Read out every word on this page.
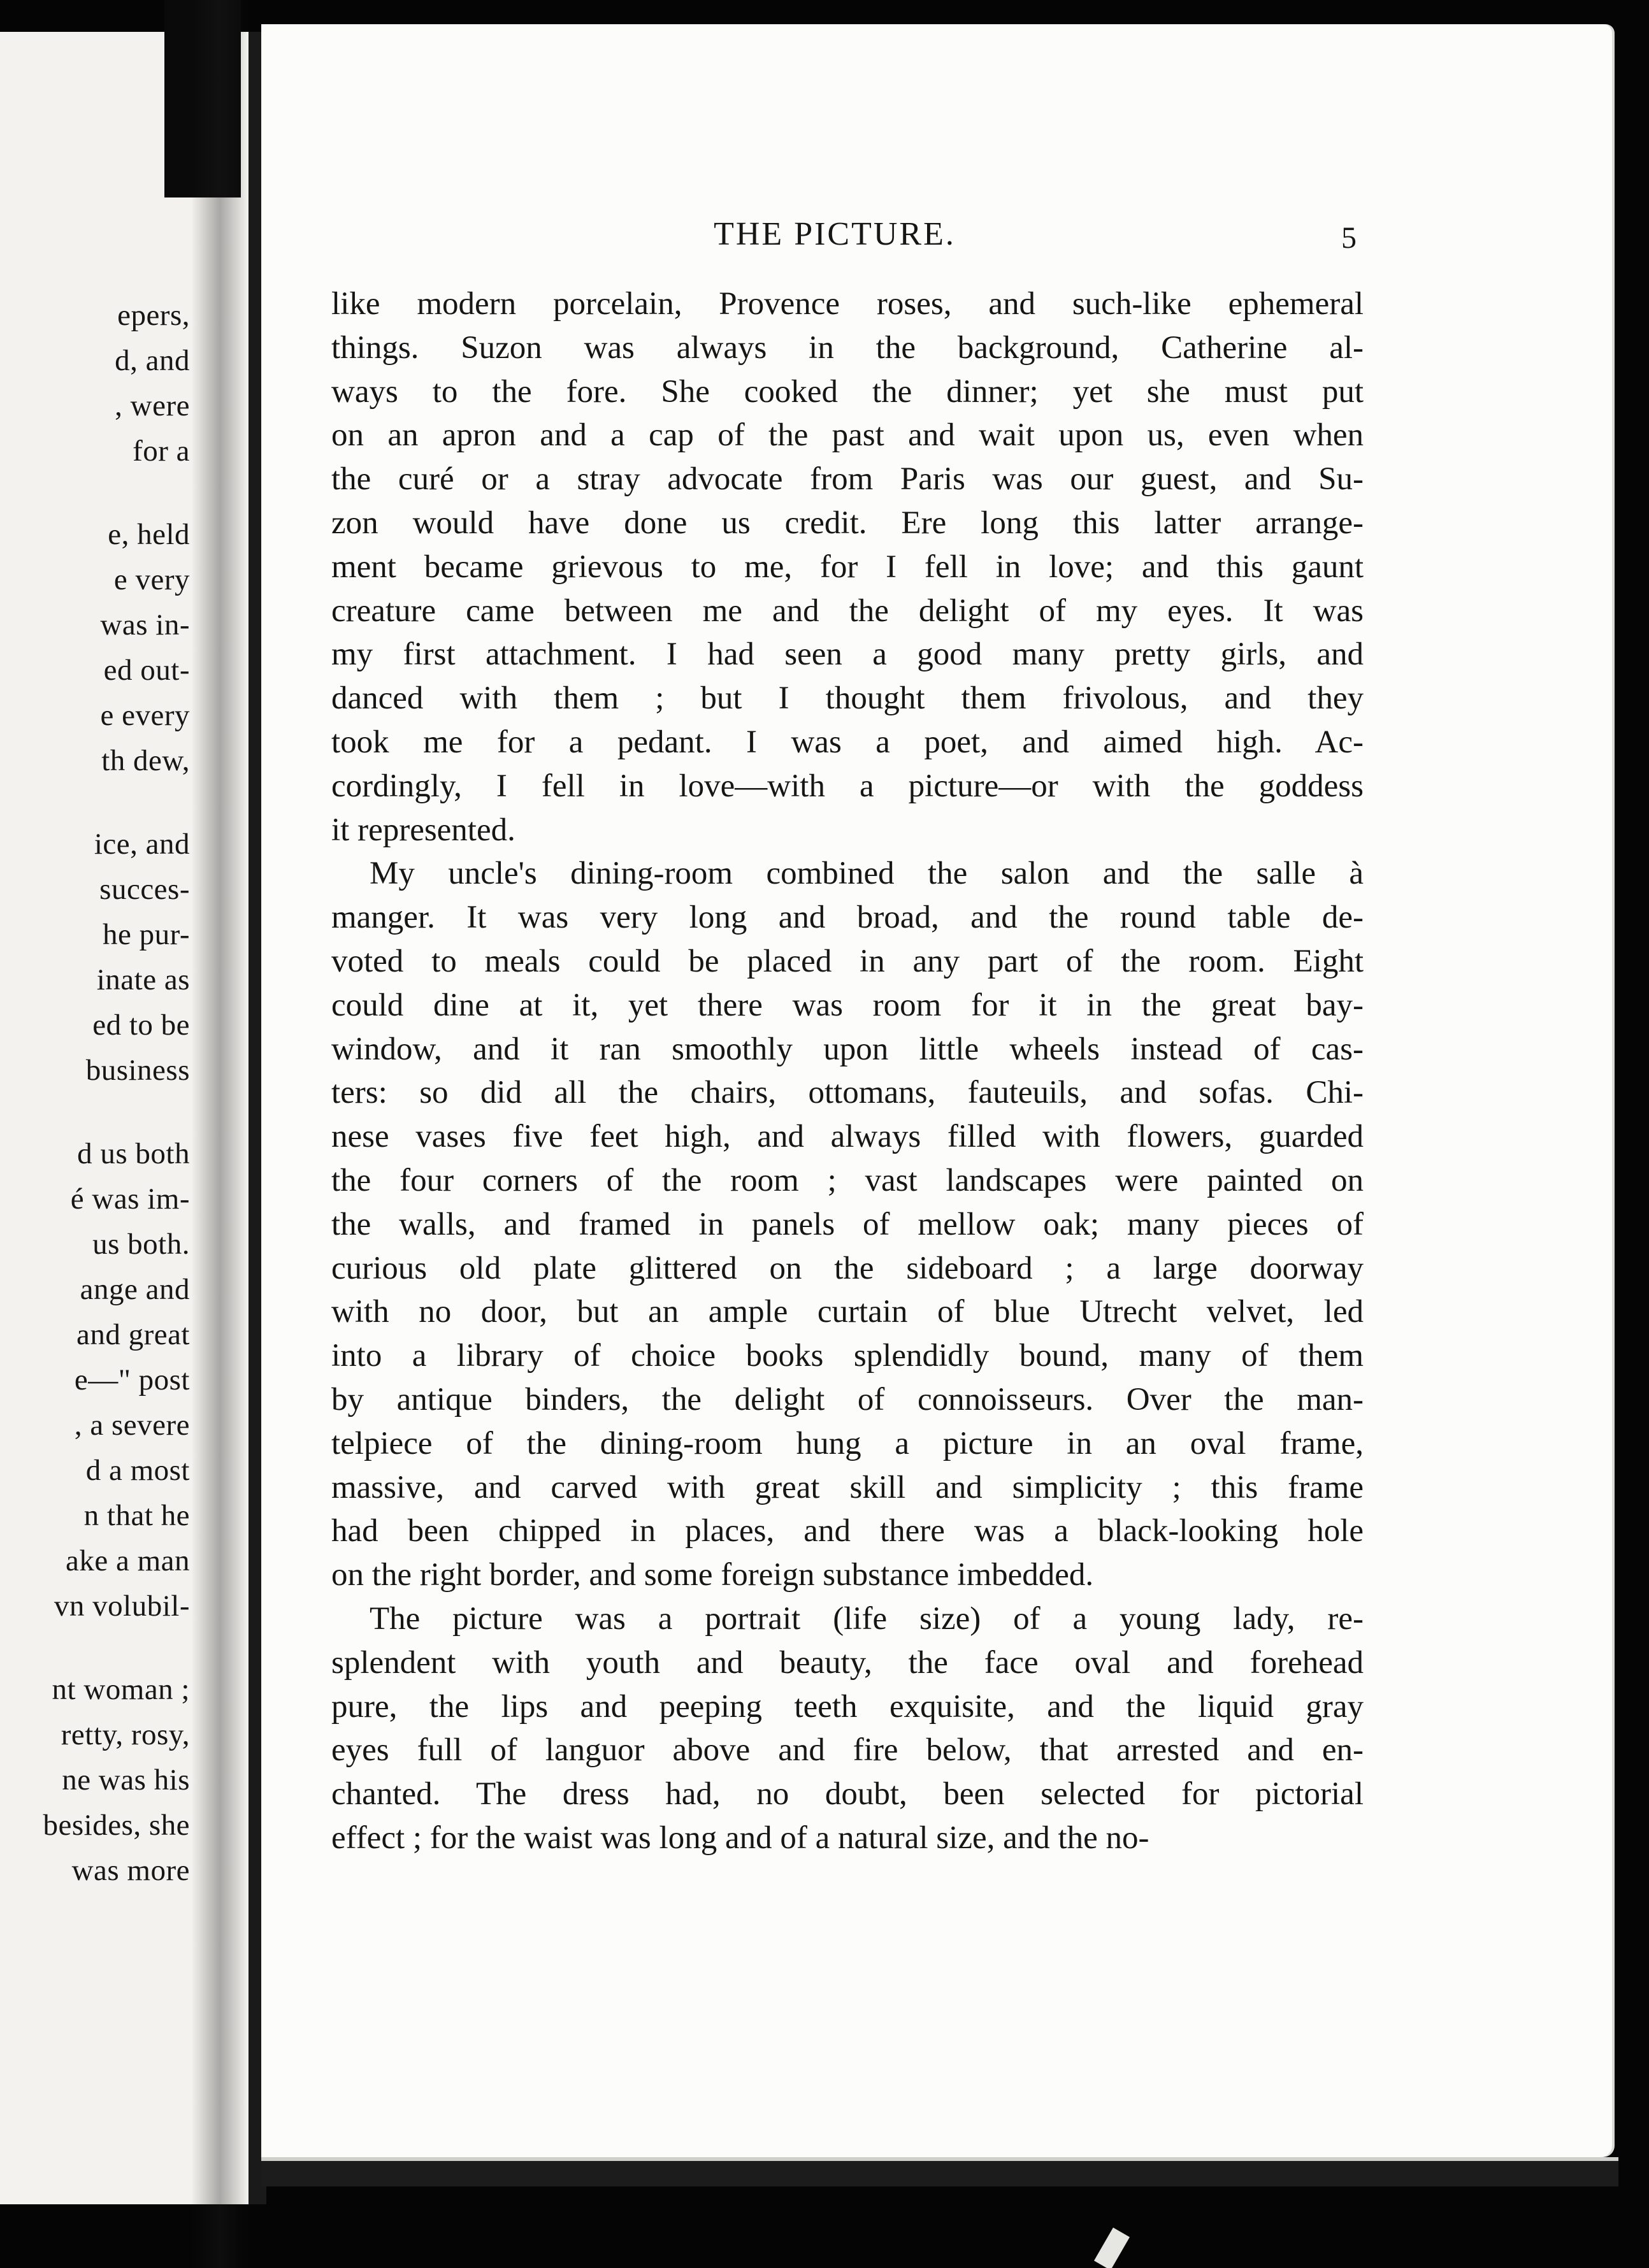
epers,
d, and
, were
for a
e, held
e very
was in-
ed out-
e every
th dew,
ice, and
succes-
he pur-
inate as
ed to be
business
d us both
é was im-
us both.
ange and
and great
e—" post
, a severe
d a most
n that he
ake a man
vn volubil-
nt woman ;
retty, rosy,
ne was his
besides, she
was more
THE PICTURE.	5
like modern porcelain, Provence roses, and such-like ephemeral
things. Suzon was always in the background, Catherine al-
ways to the fore. She cooked the dinner; yet she must put
on an apron and a cap of the past and wait upon us, even when
the curé or a stray advocate from Paris was our guest, and Su-
zon would have done us credit. Ere long this latter arrange-
ment became grievous to me, for I fell in love; and this gaunt
creature came between me and the delight of my eyes. It was
my first attachment. I had seen a good many pretty girls, and
danced with them ; but I thought them frivolous, and they
took me for a pedant. I was a poet, and aimed high. Ac-
cordingly, I fell in love—with a picture—or with the goddess
it represented.
My uncle's dining-room combined the salon and the salle à
manger. It was very long and broad, and the round table de-
voted to meals could be placed in any part of the room. Eight
could dine at it, yet there was room for it in the great bay-
window, and it ran smoothly upon little wheels instead of cas-
ters: so did all the chairs, ottomans, fauteuils, and sofas. Chi-
nese vases five feet high, and always filled with flowers, guarded
the four corners of the room ; vast landscapes were painted on
the walls, and framed in panels of mellow oak; many pieces of
curious old plate glittered on the sideboard ; a large doorway
with no door, but an ample curtain of blue Utrecht velvet, led
into a library of choice books splendidly bound, many of them
by antique binders, the delight of connoisseurs. Over the man-
telpiece of the dining-room hung a picture in an oval frame,
massive, and carved with great skill and simplicity ; this frame
had been chipped in places, and there was a black-looking hole
on the right border, and some foreign substance imbedded.
The picture was a portrait (life size) of a young lady, re-
splendent with youth and beauty, the face oval and forehead
pure, the lips and peeping teeth exquisite, and the liquid gray
eyes full of languor above and fire below, that arrested and en-
chanted. The dress had, no doubt, been selected for pictorial
effect ; for the waist was long and of a natural size, and the no-
